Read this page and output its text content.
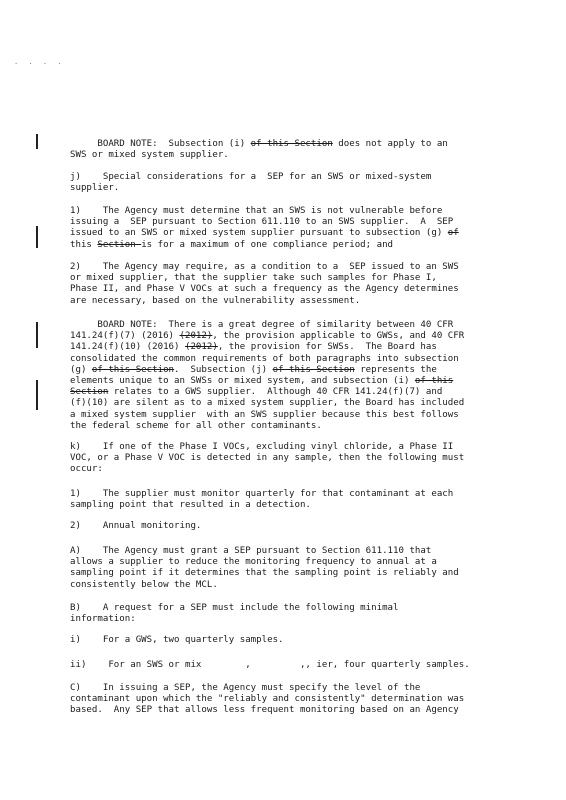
. . . .
BOARD NOTE:  Subsection (i) of this Section does not apply to an
SWS or mixed system supplier.
j)    Special considerations for a  SEP for an SWS or mixed-system
supplier.
1)    The Agency must determine that an SWS is not vulnerable before
issuing a  SEP pursuant to Section 611.110 to an SWS supplier.  A  SEP
issued to an SWS or mixed system supplier pursuant to subsection (g) of
this Section is for a maximum of one compliance period; and
2)    The Agency may require, as a condition to a  SEP issued to an SWS
or mixed supplier, that the supplier take such samples for Phase I,
Phase II, and Phase V VOCs at such a frequency as the Agency determines
are necessary, based on the vulnerability assessment.
BOARD NOTE:  There is a great degree of similarity between 40 CFR
141.24(f)(7) (2016) (2012), the provision applicable to GWSs, and 40 CFR
141.24(f)(10) (2016) (2012), the provision for SWSs.  The Board has
consolidated the common requirements of both paragraphs into subsection
(g) of this Section.  Subsection (j) of this Section represents the
elements unique to an SWSs or mixed system, and subsection (i) of this
Section relates to a GWS supplier.  Although 40 CFR 141.24(f)(7) and
(f)(10) are silent as to a mixed system supplier, the Board has included
a mixed system supplier  with an SWS supplier because this best follows
the federal scheme for all other contaminants.
k)    If one of the Phase I VOCs, excluding vinyl chloride, a Phase II
VOC, or a Phase V VOC is detected in any sample, then the following must
occur:
1)    The supplier must monitor quarterly for that contaminant at each
sampling point that resulted in a detection.
2)    Annual monitoring.
A)    The Agency must grant a SEP pursuant to Section 611.110 that
allows a supplier to reduce the monitoring frequency to annual at a
sampling point if it determines that the sampling point is reliably and
consistently below the MCL.
B)    A request for a SEP must include the following minimal
information:
i)    For a GWS, two quarterly samples.
ii)    For an SWS or mix        ,         ,, ier, four quarterly samples.
C)    In issuing a SEP, the Agency must specify the level of the
contaminant upon which the "reliably and consistently" determination was
based.  Any SEP that allows less frequent monitoring based on an Agency
